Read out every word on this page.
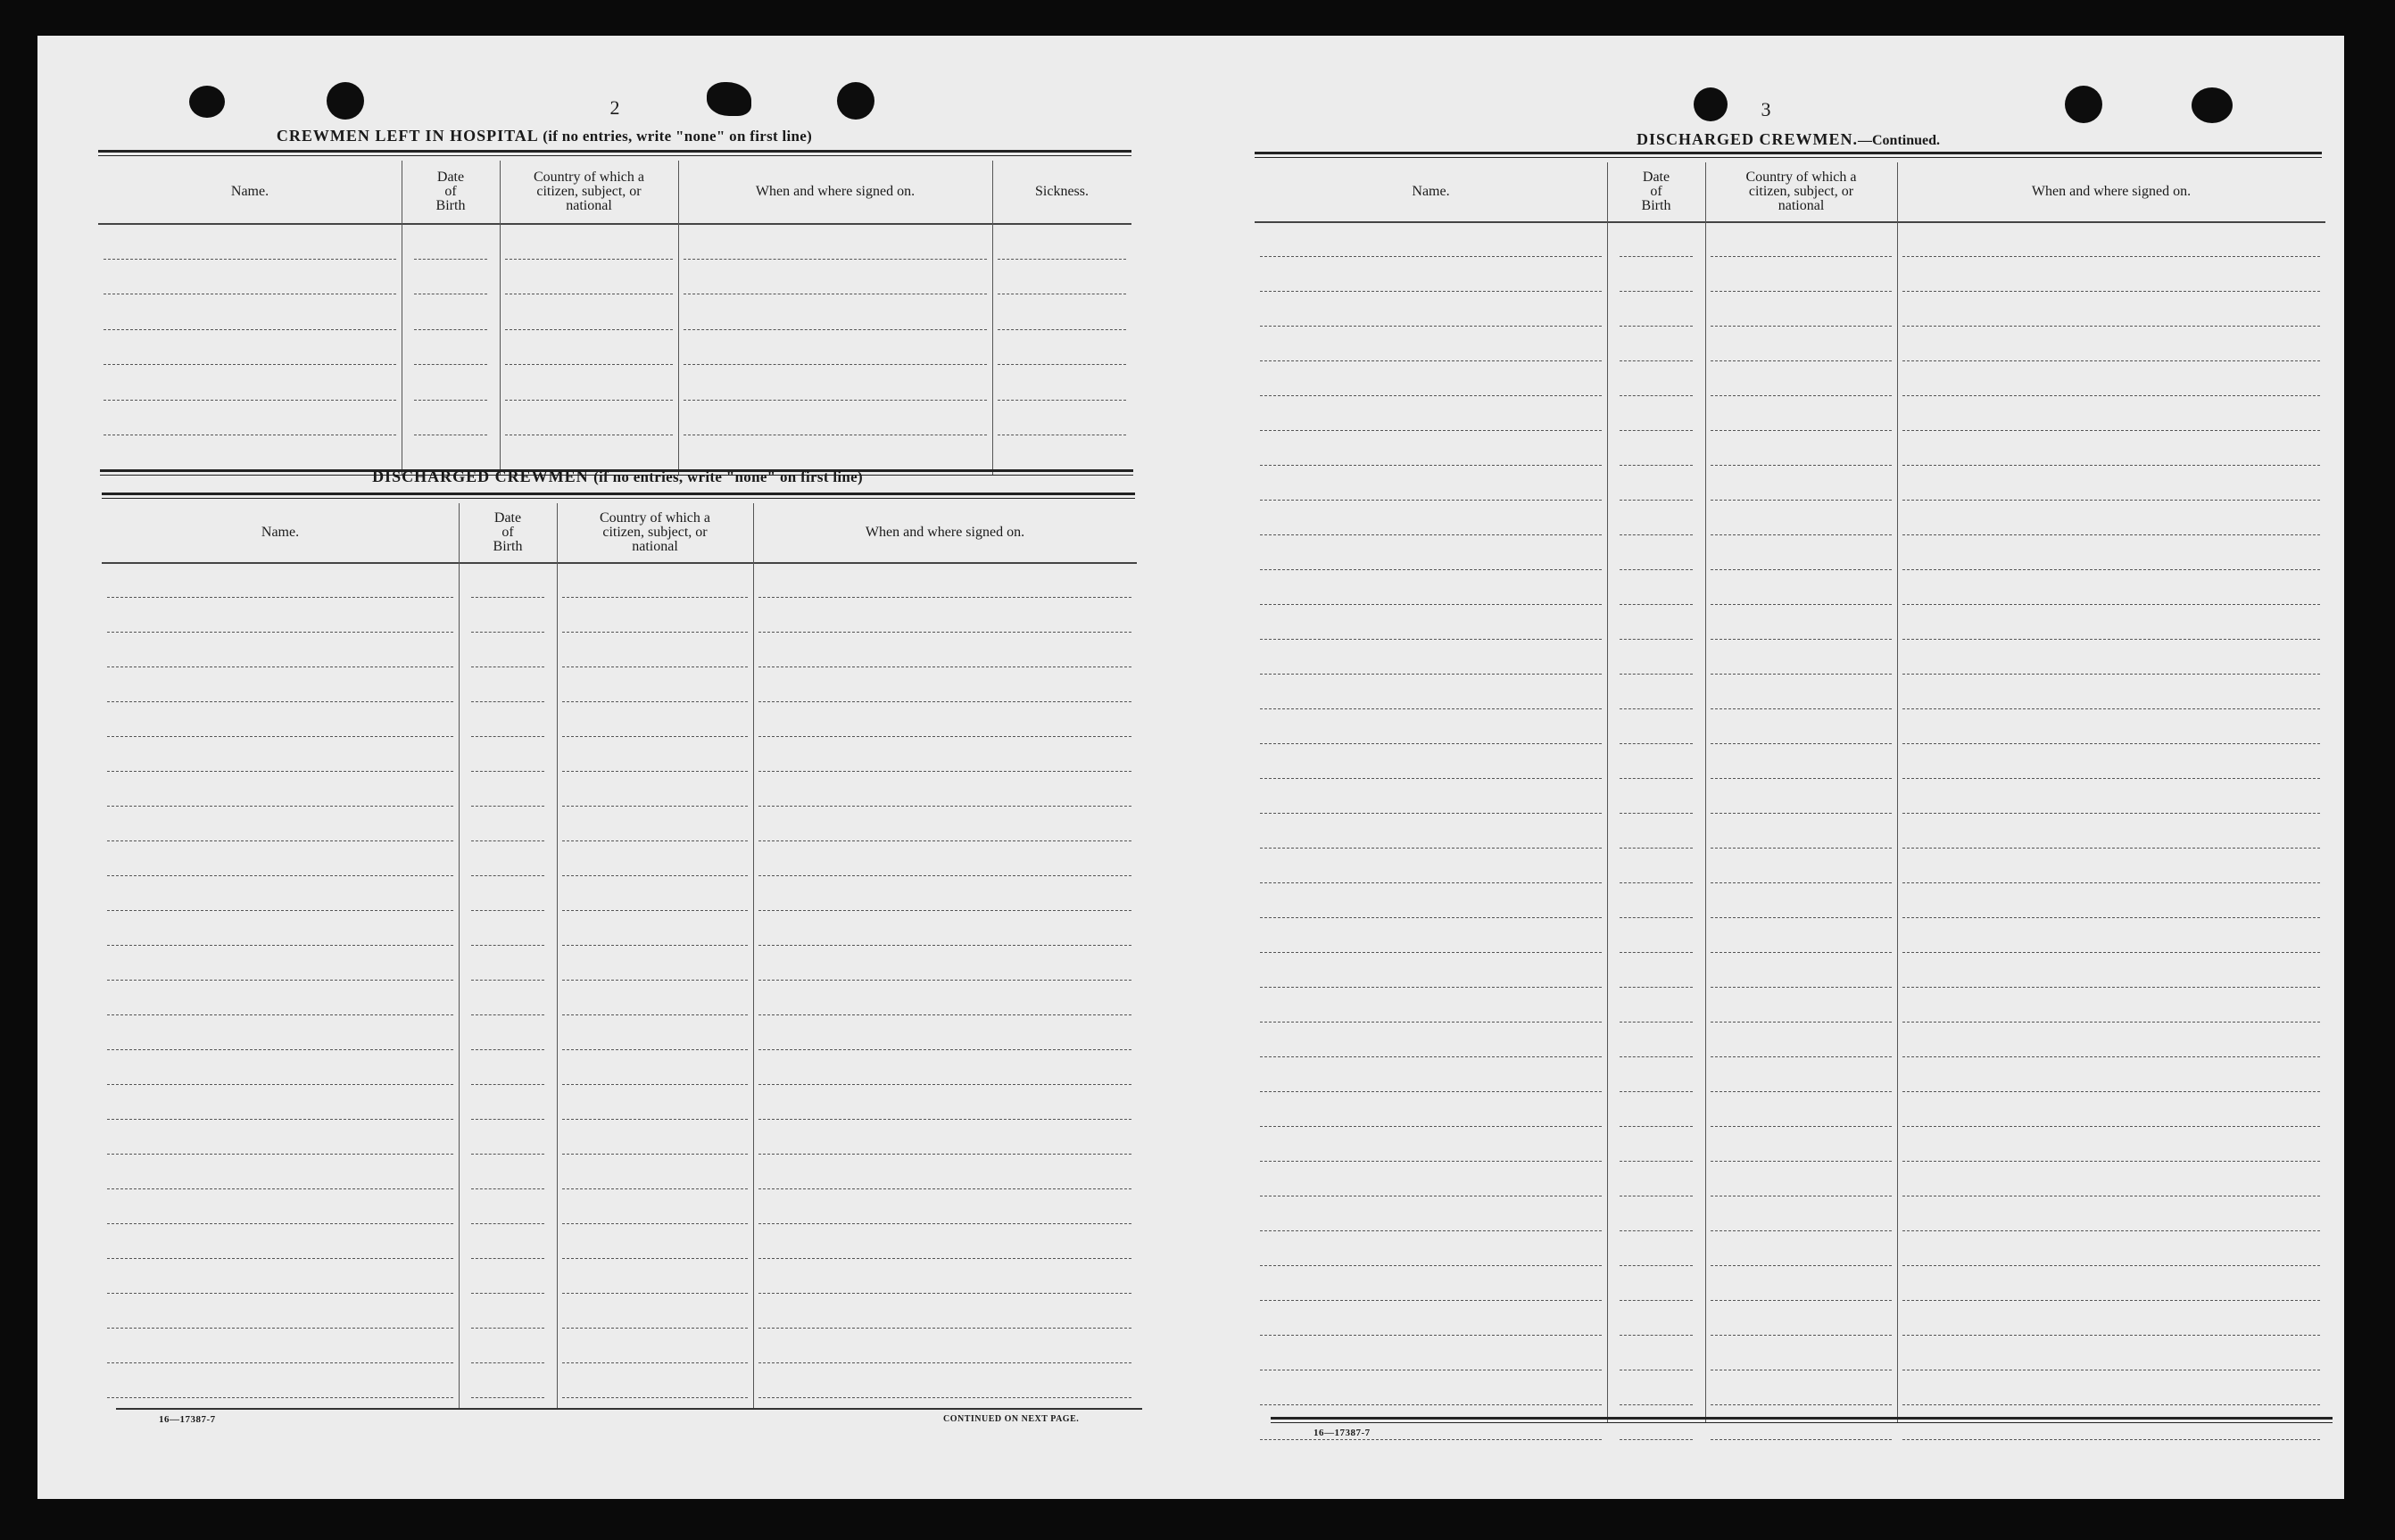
2
CREWMEN LEFT IN HOSPITAL (if no entries, write "none" on first line)
Name.
Date
of
Birth
Country of which a
citizen, subject, or
national
When and where signed on.	Sickness.
DISCHARGED CREWMEN (if no entries, write "none" on first line)
Name.
Date
of
Birth
Country of which a
citizen, subject, or
national
When and where signed on.
16—17387-7	CONTINUED ON NEXT PAGE.
3
DISCHARGED CREWMEN.—Continued.
Name.
Date
of
Birth
Country of which a
citizen, subject, or
national
When and where signed on.
16—17387-7
